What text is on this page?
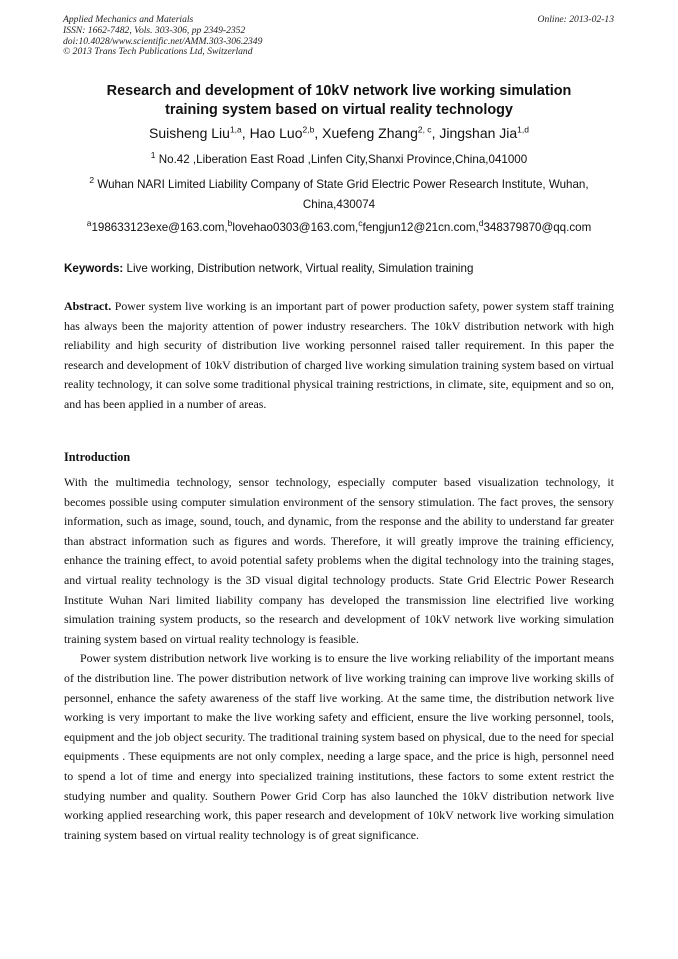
Applied Mechanics and Materials
ISSN: 1662-7482, Vols. 303-306, pp 2349-2352
doi:10.4028/www.scientific.net/AMM.303-306.2349
© 2013 Trans Tech Publications Ltd, Switzerland
Online: 2013-02-13
Research and development of 10kV network live working simulation
training system based on virtual reality technology
Suisheng Liu$^{1,a}$, Hao Luo$^{2,b}$, Xuefeng Zhang$^{2, c}$, Jingshan Jia$^{1,d}$
$^1$ No.42 ,Liberation East Road ,Linfen City,Shanxi Province,China,041000
$^2$ Wuhan NARI Limited Liability Company of State Grid Electric Power Research Institute, Wuhan, China,430074
$^a$198633123exe@163.com,$^b$lovehao0303@163.com,$^c$fengjun12@21cn.com,$^d$348379870@qq.com
Keywords: Live working, Distribution network, Virtual reality, Simulation training
Abstract. Power system live working is an important part of power production safety, power system staff training has always been the majority attention of power industry researchers. The 10kV distribution network with high reliability and high security of distribution live working personnel raised taller requirement. In this paper the research and development of 10kV distribution of charged live working simulation training system based on virtual reality technology, it can solve some traditional physical training restrictions, in climate, site, equipment and so on, and has been applied in a number of areas.
Introduction

With the multimedia technology, sensor technology, especially computer based visualization technology, it becomes possible using computer simulation environment of the sensory stimulation. The fact proves, the sensory information, such as image, sound, touch, and dynamic, from the response and the ability to understand far greater than abstract information such as figures and words. Therefore, it will greatly improve the training efficiency, enhance the training effect, to avoid potential safety problems when the digital technology into the training stages, and virtual reality technology is the 3D visual digital technology products. State Grid Electric Power Research Institute Wuhan Nari limited liability company has developed the transmission line electrified live working simulation training system products, so the research and development of 10kV network live working simulation training system based on virtual reality technology is feasible.

Power system distribution network live working is to ensure the live working reliability of the important means of the distribution line. The power distribution network of live working training can improve live working skills of personnel, enhance the safety awareness of the staff live working. At the same time, the distribution network live working is very important to make the live working safety and efficient, ensure the live working personnel, tools, equipment and the job object security. The traditional training system based on physical, due to the need for special equipments . These equipments are not only complex, needing a large space, and the price is high, personnel need to spend a lot of time and energy into specialized training institutions, these factors to some extent restrict the studying number and quality. Southern Power Grid Corp has also launched the 10kV distribution network live working applied researching work, this paper research and development of 10kV network live working simulation training system based on virtual reality technology is of great significance.
